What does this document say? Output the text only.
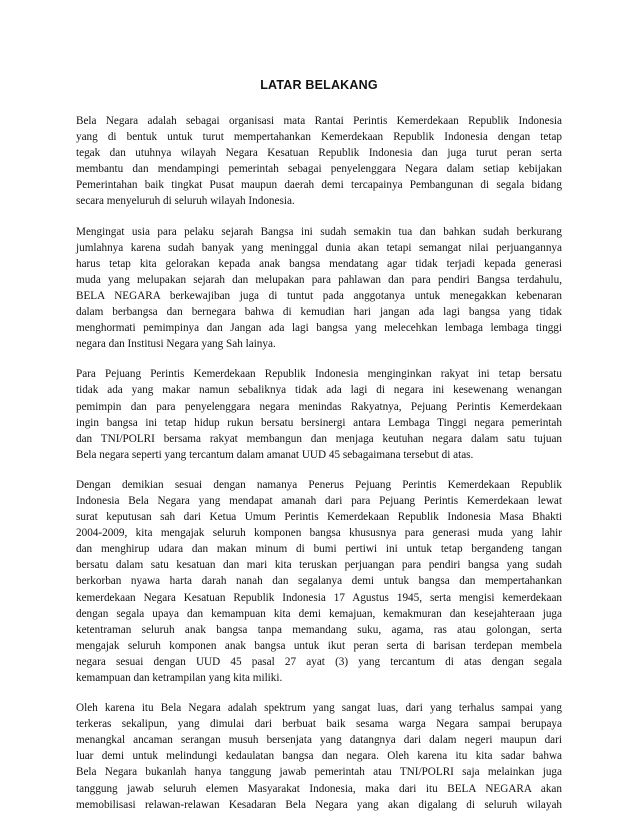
LATAR BELAKANG
Bela Negara adalah sebagai organisasi mata Rantai Perintis Kemerdekaan Republik Indonesia
yang di bentuk untuk turut mempertahankan Kemerdekaan Republik Indonesia dengan tetap
tegak dan utuhnya wilayah Negara Kesatuan Republik Indonesia dan juga turut peran serta
membantu dan mendampingi pemerintah sebagai penyelenggara Negara dalam setiap kebijakan
Pemerintahan baik tingkat Pusat maupun daerah demi tercapainya Pembangunan di segala bidang
secara menyeluruh di seluruh wilayah Indonesia.
Mengingat usia para pelaku sejarah Bangsa ini sudah semakin tua dan bahkan sudah berkurang
jumlahnya karena sudah banyak yang meninggal dunia akan tetapi semangat nilai perjuangannya
harus tetap kita gelorakan kepada anak bangsa mendatang agar tidak terjadi kepada generasi
muda yang melupakan sejarah dan melupakan para pahlawan dan para pendiri Bangsa terdahulu,
BELA NEGARA berkewajiban juga di tuntut pada anggotanya untuk menegakkan kebenaran
dalam berbangsa dan bernegara bahwa di kemudian hari jangan ada lagi bangsa yang tidak
menghormati pemimpinya dan Jangan ada lagi bangsa yang melecehkan lembaga lembaga tinggi
negara dan Institusi Negara yang Sah lainya.
Para Pejuang Perintis Kemerdekaan Republik Indonesia menginginkan rakyat ini tetap bersatu
tidak ada yang makar namun sebaliknya tidak ada lagi di negara ini kesewenang wenangan
pemimpin dan para penyelenggara negara menindas Rakyatnya, Pejuang Perintis Kemerdekaan
ingin bangsa ini tetap hidup rukun bersatu bersinergi antara Lembaga Tinggi negara pemerintah
dan TNI/POLRI bersama rakyat membangun dan menjaga keutuhan negara dalam satu tujuan
Bela negara seperti yang tercantum dalam amanat UUD 45 sebagaimana tersebut di atas.
Dengan demikian sesuai dengan namanya Penerus Pejuang Perintis Kemerdekaan Republik
Indonesia Bela Negara yang mendapat amanah dari para Pejuang Perintis Kemerdekaan lewat
surat keputusan sah dari Ketua Umum Perintis Kemerdekaan Republik Indonesia Masa Bhakti
2004-2009, kita mengajak seluruh komponen bangsa khususnya para generasi muda yang lahir
dan menghirup udara dan makan minum di bumi pertiwi ini untuk tetap bergandeng tangan
bersatu dalam satu kesatuan dan mari kita teruskan perjuangan para pendiri bangsa yang sudah
berkorban nyawa harta darah nanah dan segalanya demi untuk bangsa dan mempertahankan
kemerdekaan Negara Kesatuan Republik Indonesia 17 Agustus 1945, serta mengisi kemerdekaan
dengan segala upaya dan kemampuan kita demi kemajuan, kemakmuran dan kesejahteraan juga
ketentraman seluruh anak bangsa tanpa memandang suku, agama, ras atau golongan, serta
mengajak seluruh komponen anak bangsa untuk ikut peran serta di barisan terdepan membela
negara sesuai dengan UUD 45 pasal 27 ayat (3) yang tercantum di atas dengan segala
kemampuan dan ketrampilan yang kita miliki.
Oleh karena itu Bela Negara adalah spektrum yang sangat luas, dari yang terhalus sampai yang
terkeras sekalipun, yang dimulai dari berbuat baik sesama warga Negara sampai berupaya
menangkal ancaman serangan musuh bersenjata yang datangnya dari dalam negeri maupun dari
luar demi untuk melindungi kedaulatan bangsa dan negara. Oleh karena itu kita sadar bahwa
Bela Negara bukanlah hanya tanggung jawab pemerintah atau TNI/POLRI saja melainkan juga
tanggung jawab seluruh elemen Masyarakat Indonesia, maka dari itu BELA NEGARA akan
memobilisasi relawan-relawan Kesadaran Bela Negara yang akan digalang di seluruh wilayah
